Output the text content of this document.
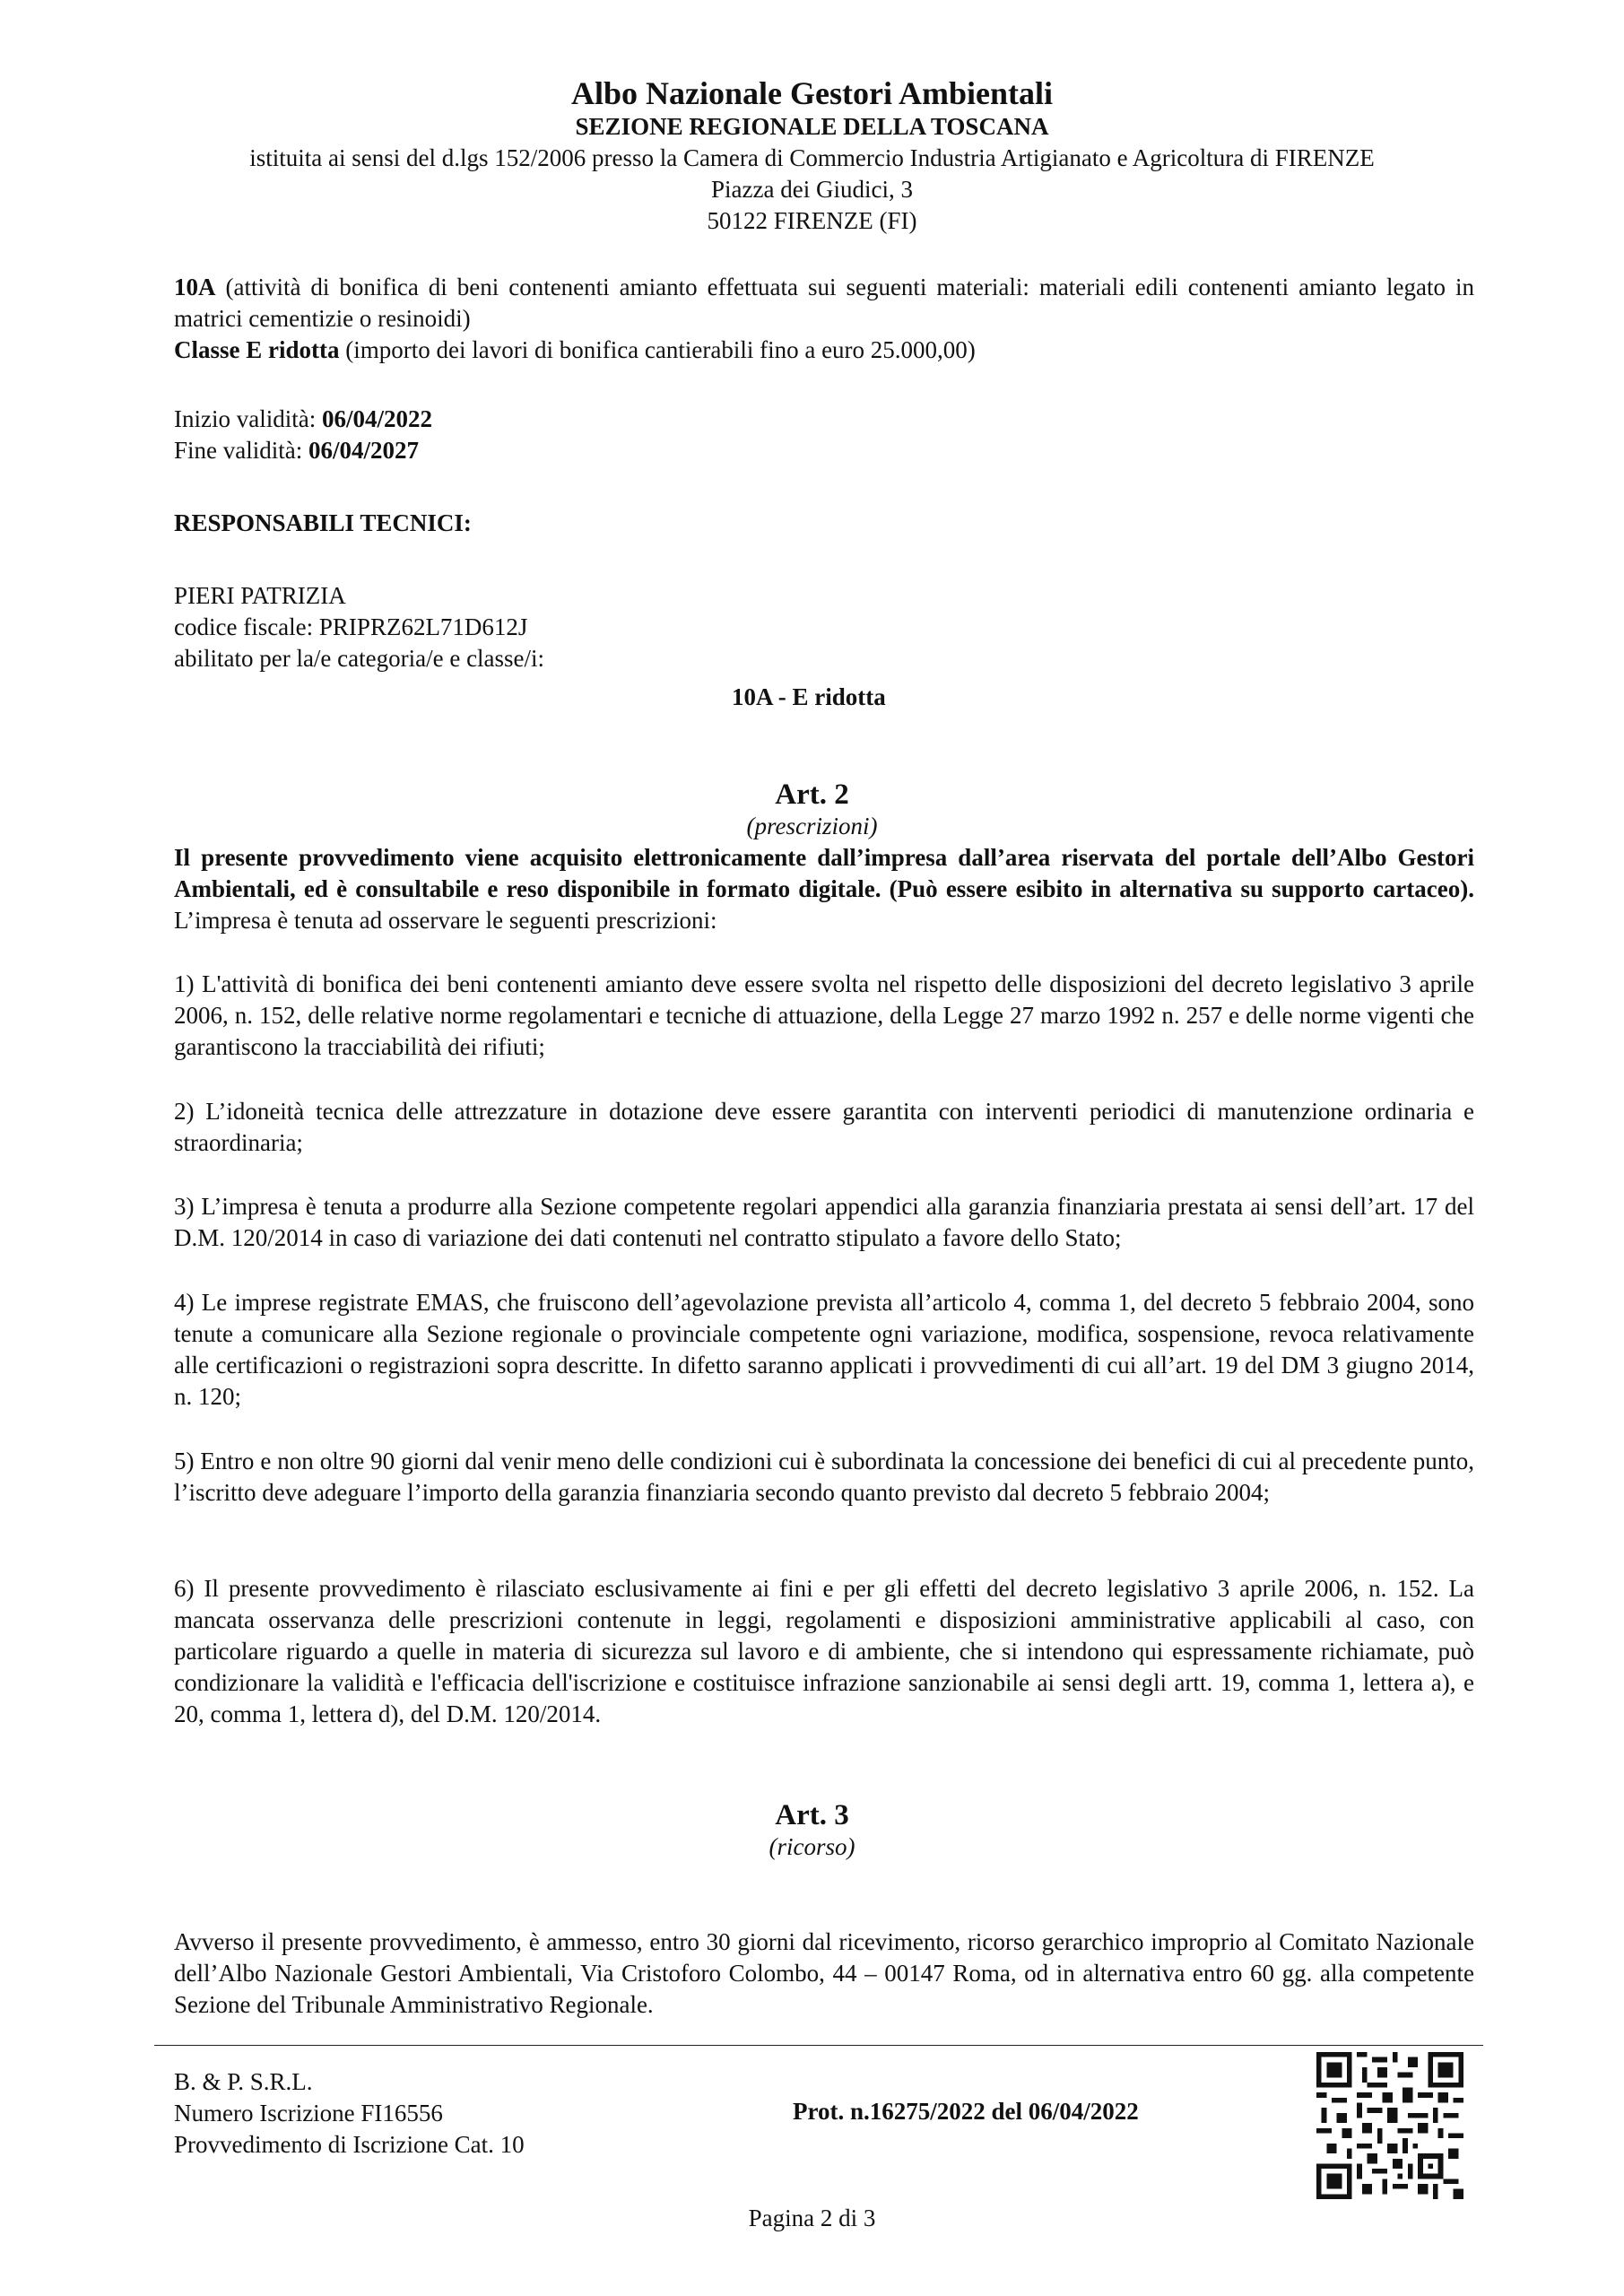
Albo Nazionale Gestori Ambientali
SEZIONE REGIONALE DELLA TOSCANA
istituita ai sensi del d.lgs 152/2006 presso la Camera di Commercio Industria Artigianato e Agricoltura di FIRENZE
Piazza dei Giudici, 3
50122 FIRENZE (FI)
10A (attività di bonifica di beni contenenti amianto effettuata sui seguenti materiali: materiali edili contenenti amianto legato in matrici cementizie o resinoidi)
Classe E ridotta (importo dei lavori di bonifica cantierabili fino a euro 25.000,00)
Inizio validità: 06/04/2022
Fine validità: 06/04/2027
RESPONSABILI TECNICI:
PIERI PATRIZIA
codice fiscale: PRIPRZ62L71D612J
abilitato per la/e categoria/e e classe/i:
10A - E ridotta
Art. 2
(prescrizioni)
Il presente provvedimento viene acquisito elettronicamente dall’impresa dall’area riservata del portale dell’Albo Gestori Ambientali, ed è consultabile e reso disponibile in formato digitale. (Può essere esibito in alternativa su supporto cartaceo). L’impresa è tenuta ad osservare le seguenti prescrizioni:
1) L'attività di bonifica dei beni contenenti amianto deve essere svolta nel rispetto delle disposizioni del decreto legislativo 3 aprile 2006, n. 152, delle relative norme regolamentari e tecniche di attuazione, della Legge 27 marzo 1992 n. 257 e delle norme vigenti che garantiscono la tracciabilità dei rifiuti;
2) L’idoneità tecnica delle attrezzature in dotazione deve essere garantita con interventi periodici di manutenzione ordinaria e straordinaria;
3) L’impresa è tenuta a produrre alla Sezione competente regolari appendici alla garanzia finanziaria prestata ai sensi dell’art. 17 del D.M. 120/2014 in caso di variazione dei dati contenuti nel contratto stipulato a favore dello Stato;
4) Le imprese registrate EMAS, che fruiscono dell’agevolazione prevista all’articolo 4, comma 1, del decreto 5 febbraio 2004, sono tenute a comunicare alla Sezione regionale o provinciale competente ogni variazione, modifica, sospensione, revoca relativamente alle certificazioni o registrazioni sopra descritte. In difetto saranno applicati i provvedimenti di cui all’art. 19 del DM 3 giugno 2014, n. 120;
5) Entro e non oltre 90 giorni dal venir meno delle condizioni cui è subordinata la concessione dei benefici di cui al precedente punto, l’iscritto deve adeguare l’importo della garanzia finanziaria secondo quanto previsto dal decreto 5 febbraio 2004;
6) Il presente provvedimento è rilasciato esclusivamente ai fini e per gli effetti del decreto legislativo 3 aprile 2006, n. 152. La mancata osservanza delle prescrizioni contenute in leggi, regolamenti e disposizioni amministrative applicabili al caso, con particolare riguardo a quelle in materia di sicurezza sul lavoro e di ambiente, che si intendono qui espressamente richiamate, può condizionare la validità e l'efficacia dell'iscrizione e costituisce infrazione sanzionabile ai sensi degli artt. 19, comma 1, lettera a), e 20, comma 1, lettera d), del D.M. 120/2014.
Art. 3
(ricorso)
Avverso il presente provvedimento, è ammesso, entro 30 giorni dal ricevimento, ricorso gerarchico improprio al Comitato Nazionale dell’Albo Nazionale Gestori Ambientali, Via Cristoforo Colombo, 44 – 00147 Roma, od in alternativa entro 60 gg. alla competente Sezione del Tribunale Amministrativo Regionale.
B. & P. S.R.L.
Numero Iscrizione FI16556
Provvedimento di Iscrizione Cat. 10
Prot. n.16275/2022 del 06/04/2022
Pagina 2 di 3
